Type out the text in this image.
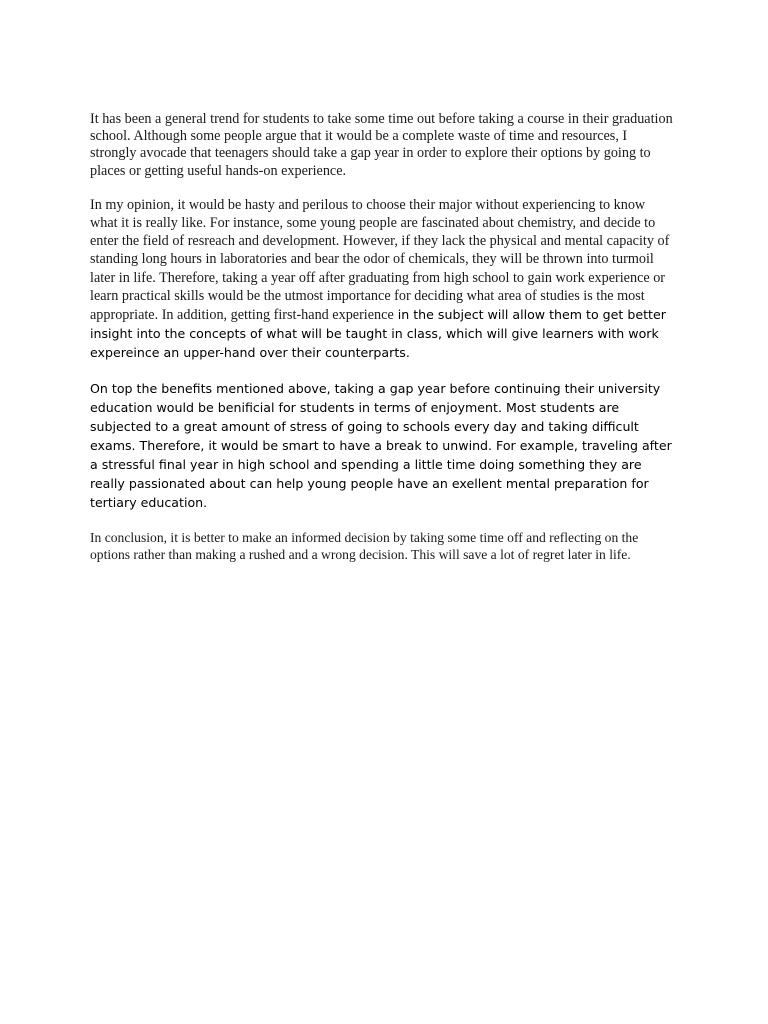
It has been a general trend for students to take some time out before taking a course in their graduation school. Although some people argue that it would be a complete waste of time and resources, I strongly avocade that teenagers should take a gap year in order to explore their options by going to places or getting useful hands-on experience.

In my opinion, it would be hasty and perilous to choose their major without experiencing to know what it is really like. For instance, some young people are fascinated about chemistry, and decide to enter the field of resreach and development. However, if they lack the physical and mental capacity of standing long hours in laboratories and bear the odor of chemicals, they will be thrown into turmoil later in life. Therefore, taking a year off after graduating from high school to gain work experience or learn practical skills would be the utmost importance for deciding what area of studies is the most appropriate. In addition, getting first-hand experience in the subject will allow them to get better insight into the concepts of what will be taught in class, which will give learners with work expereince an upper-hand over their counterparts.

On top the benefits mentioned above, taking a gap year before continuing their university education would be benificial for students in terms of enjoyment. Most students are subjected to a great amount of stress of going to schools every day and taking difficult exams. Therefore, it would be smart to have a break to unwind. For example, traveling after a stressful final year in high school and spending a little time doing something they are really passionated about can help young people have an exellent mental preparation for tertiary education.

In conclusion, it is better to make an informed decision by taking some time off and reflecting on the options rather than making a rushed and a wrong decision. This will save a lot of regret later in life.
